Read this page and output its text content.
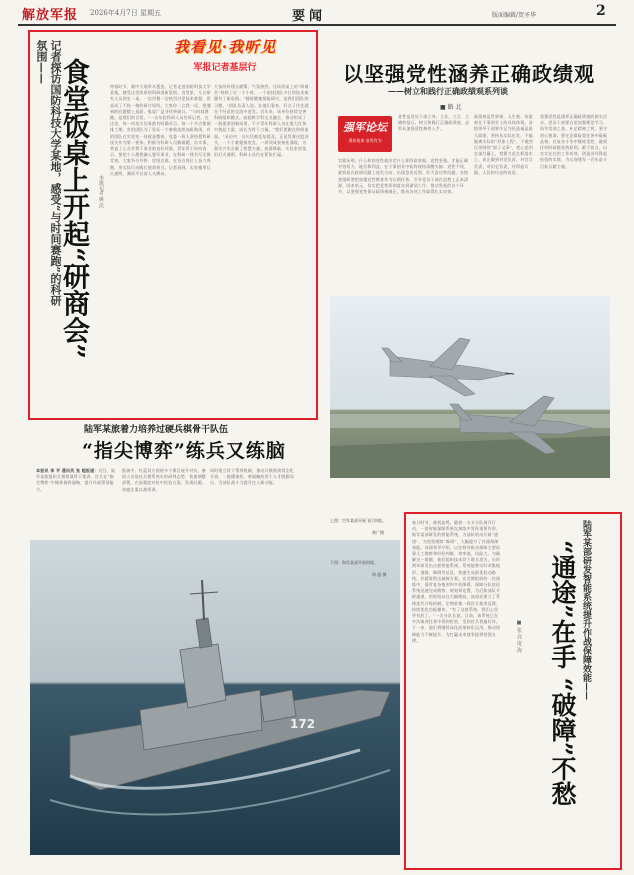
解放军报 2026年4月7日 星期五	要闻	版面编辑/贺圣华	2
我看见·我听见
军报记者基层行
记者探访国防科技大学某地，感受“与时间赛跑”的科研氛围—— 食堂饭桌上开起“研商会” 本报记者 姚 沃

仲春时节，湘中大地草木葱茏。记者走进国防科技大学某地，感受这里浓厚的科研创新氛围。食堂里，几名研究人员围坐一桌，一边用餐一边热烈讨论技术难题，饭桌成了不拘一格的研讨场所。大家你一言我一语，把遇到的问题摆上桌面，集思广益寻找突破口。“与时间赛跑，是我们的日常。”一名年轻科研人员告诉记者。在这里，每一项攻关任务都有明确节点，每一个节点都倒排工期。有的团队为了验证一个参数连续加班数周，有的团队在实验室一待就是整夜。党委一班人坚持把科研攻关作为第一要务，积极为科研人员解难题、办实事，营造了心无旁骛干事业的良好环境。青年骨干纷纷表示，要把个人理想融入强军事业，在科研一线书写无悔青春。大家争分夺秒、攻坚克难，在各自岗位上奋力奔跑，用实际行动践行使命担当。记者看到，实验楼里灯火通明，测试平台前人头攒动。

大家纷纷建言献策，气氛热烈。这场饭桌上的“研商会”持续了近一个小时，一个困扰团队多日的技术难题有了新思路。“随时随地都能研讨，是我们团队的习惯。”团队负责人说。在他们看来，好点子往往就在不经意的交流中迸发。近年来，该单位持续完善科研组织模式，鼓励跨学科交叉融合，推动形成了一批重要创新成果。不少青年科研人员在重大任务中挑起大梁，成长为骨干力量。“我们要跑在时间前面。”采访中，这句话被反复提及。正是凭着这股劲头，一个个难题被攻克，一项项成果接连涌现，为强军兴军贡献了智慧力量。夜幕降临，实验室里依旧灯火通明，科研人员仍在紧张忙碌。

以坚强党性涵养正确政绩观
——树立和践行正确政绩观系列谈
■ 路 北
强军论坛
勇担使命 奋发有为

党性是党员干部立身、立业、立言、立德的基石。树立和践行正确政绩观，必须从加强党性修养入手。

政绩观是世界观、人生观、价值观在干事创业上的具体体现。各级领导干部要牢记为民造福是最大政绩，坚持从实际出发，不搞脱离实际的“形象工程”，不做劳民伤财的“面子文章”，把心思用在谋打赢上，把精力花在抓落实上，真正做到对党负责、对官兵负责、对历史负责，经得起实践、人民和历史的检验。

坚强党性是涵养正确政绩观的源头活水。党员干部要自觉加强理论学习，筑牢信仰之基，补足精神之钙，坚守初心使命。要在急难险重任务中砥砺品格，在复杂斗争中锤炼党性，做到任何时候都坚持原则、敢于担当，以实实在在的工作成效，创造出经得起检验的实绩，为实现建军一百年奋斗目标贡献力量。

实践证明，什么样的党性就决定什么样的政绩观。党性坚强，才能正确对待权力、地位和利益，在干事创业中始终保持清醒头脑；党性不纯，就容易在政绩问题上迷失方向，出现急功近利、好大喜功等问题。各级党组织要把加强党性教育作为长期任务，引导党员干部在思想上正本清源、固本培元，切实把党性原则落实到谋划工作、推动发展的各个环节，以坚强党性保证政绩观端正，推动各项工作取得扎实成效。

上图：空军某部开展飞行训练。
黄广摄
陆军某旅着力培养过硬兵棋骨干队伍
“指尖博弈”练兵又练脑

本报讯 李 平 通讯员 张 超报道：近日，陆军某旅组织兵棋推演骨干集训，官兵在“指尖博弈”中锤炼指挥谋略，提升作战筹划能力。

推演中，红蓝双方围绕多个课目展开对抗，参训人员依托兵棋系统实时研判态势，快速调整部署，在高强度对抗中检验方案、发现问题。该旅注重以战领训。

同时建立骨干帮带机制，推动兵棋推演常态化开展，一批懂指挥、善谋略的骨干人才脱颖而出，为部队战斗力提升注入新动能。

172
下图：海军某部开展训练。
周 超 摄

春日时节，战机轰鸣。随着一支支分队展开行动，一套智能保障系统在演练中发挥重要作用。陆军某部研发的智能系统，为部队机动开辟“通途”，为攻坚排除“障碍”，大幅提升了作战保障效能。该部领导介绍，以往野外机动保障主要依靠人工勘察和经验判断，效率低、风险大。为破解这一难题，他们组织技术骨干联合攻关，历时两年研发出这套智能系统。系统能够实时采集地形、道路、障碍等信息，快速生成最优机动路线，并精准给出破障方案。在近期组织的一次演练中，面对复杂地形和多处障碍，保障分队依托系统迅速完成勘察、规划和处置，为后续部队开辟通道，用时较以往大幅缩短。该部还建立了系统迭代升级机制，定期收集一线官兵使用反馈，持续优化功能模块。“有了这套系统，我们心里更有底了。”一名分队长说。目前，该系统已在多次演训任务中得到检验，受到官兵普遍好评。下一步，他们将继续深化成果转化运用，推动保障能力不断提升，为打赢未来战争提供坚强支撑。	陆军某部研发智能系统提升作战保障效能——
“通途”在手 “破障”不愁
■ 张 亮 庞 海
